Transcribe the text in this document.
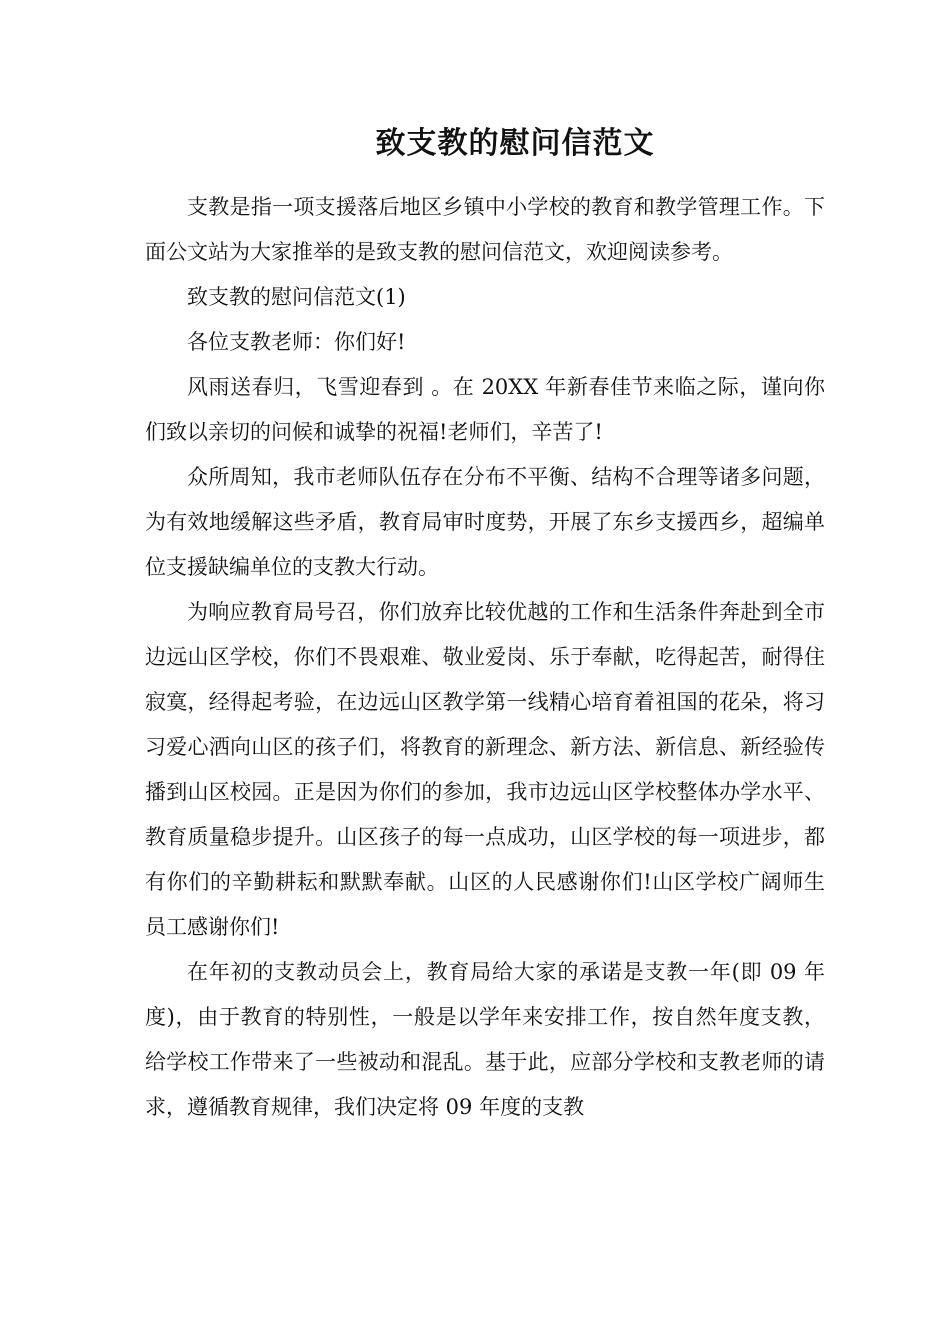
致支教的慰问信范文

支教是指一项支援落后地区乡镇中小学校的教育和教学管理工作。下面公文站为大家推举的是致支教的慰问信范文，欢迎阅读参考。

致支教的慰问信范文(1)

各位支教老师：你们好!

风雨送春归，飞雪迎春到 。在 20XX 年新春佳节来临之际，谨向你们致以亲切的问候和诚挚的祝福!老师们，辛苦了!

众所周知，我市老师队伍存在分布不平衡、结构不合理等诸多问题，为有效地缓解这些矛盾，教育局审时度势，开展了东乡支援西乡，超编单位支援缺编单位的支教大行动。

为响应教育局号召，你们放弃比较优越的工作和生活条件奔赴到全市边远山区学校，你们不畏艰难、敬业爱岗、乐于奉献，吃得起苦，耐得住寂寞，经得起考验，在边远山区教学第一线精心培育着祖国的花朵，将习习爱心洒向山区的孩子们，将教育的新理念、新方法、新信息、新经验传播到山区校园。正是因为你们的参加，我市边远山区学校整体办学水平、教育质量稳步提升。山区孩子的每一点成功，山区学校的每一项进步，都有你们的辛勤耕耘和默默奉献。山区的人民感谢你们!山区学校广阔师生员工感谢你们!

在年初的支教动员会上，教育局给大家的承诺是支教一年(即 09 年度)，由于教育的特别性，一般是以学年来安排工作，按自然年度支教，给学校工作带来了一些被动和混乱。基于此，应部分学校和支教老师的请求，遵循教育规律，我们决定将 09 年度的支教
